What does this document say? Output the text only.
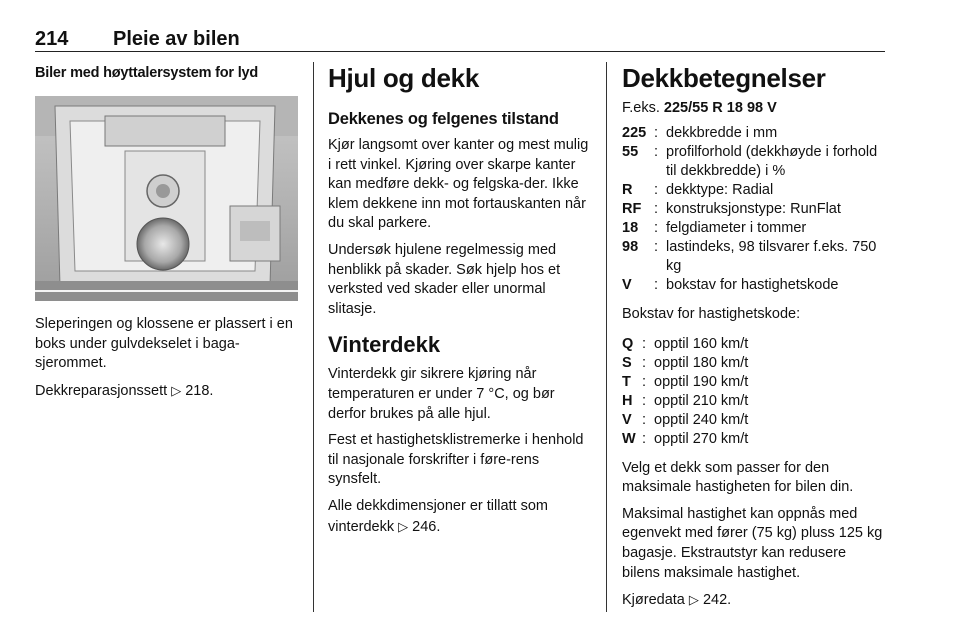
214 Pleie av bilen
Biler med høyttalersystem for lyd

Sleperingen og klossene er plassert i en boks under gulvdekselet i baga-sjerommet.

Dekkreparasjonssett ▷ 218.

Hjul og dekk
Dekkenes og felgenes tilstand

Kjør langsomt over kanter og mest mulig i rett vinkel. Kjøring over skarpe kanter kan medføre dekk- og felgska-der. Ikke klem dekkene inn mot fortauskanten når du skal parkere.

Undersøk hjulene regelmessig med henblikk på skader. Søk hjelp hos et verksted ved skader eller unormal slitasje.

Vinterdekk

Vinterdekk gir sikrere kjøring når temperaturen er under 7 °C, og bør derfor brukes på alle hjul.

Fest et hastighetsklistremerke i henhold til nasjonale forskrifter i føre-rens synsfelt.

Alle dekkdimensjoner er tillatt som vinterdekk ▷ 246.

Dekkbetegnelser
F.eks. 225/55 R 18 98 V
225 : dekkbredde i mm
55	: profilforhold (dekkhøyde i forhold til dekkbredde) i %
R	: dekktype: Radial
RF : konstruksjonstype: RunFlat
18	: felgdiameter i tommer
98	: lastindeks, 98 tilsvarer f.eks. 750 kg
V	: bokstav for hastighetskode

Bokstav for hastighetskode:

Q : opptil 160 km/t
S : opptil 180 km/t
T : opptil 190 km/t
H : opptil 210 km/t
V : opptil 240 km/t
W : opptil 270 km/t

Velg et dekk som passer for den maksimale hastigheten for bilen din.

Maksimal hastighet kan oppnås med egenvekt med fører (75 kg) pluss 125 kg bagasje. Ekstrautstyr kan redusere bilens maksimale hastighet.

Kjøredata ▷ 242.
